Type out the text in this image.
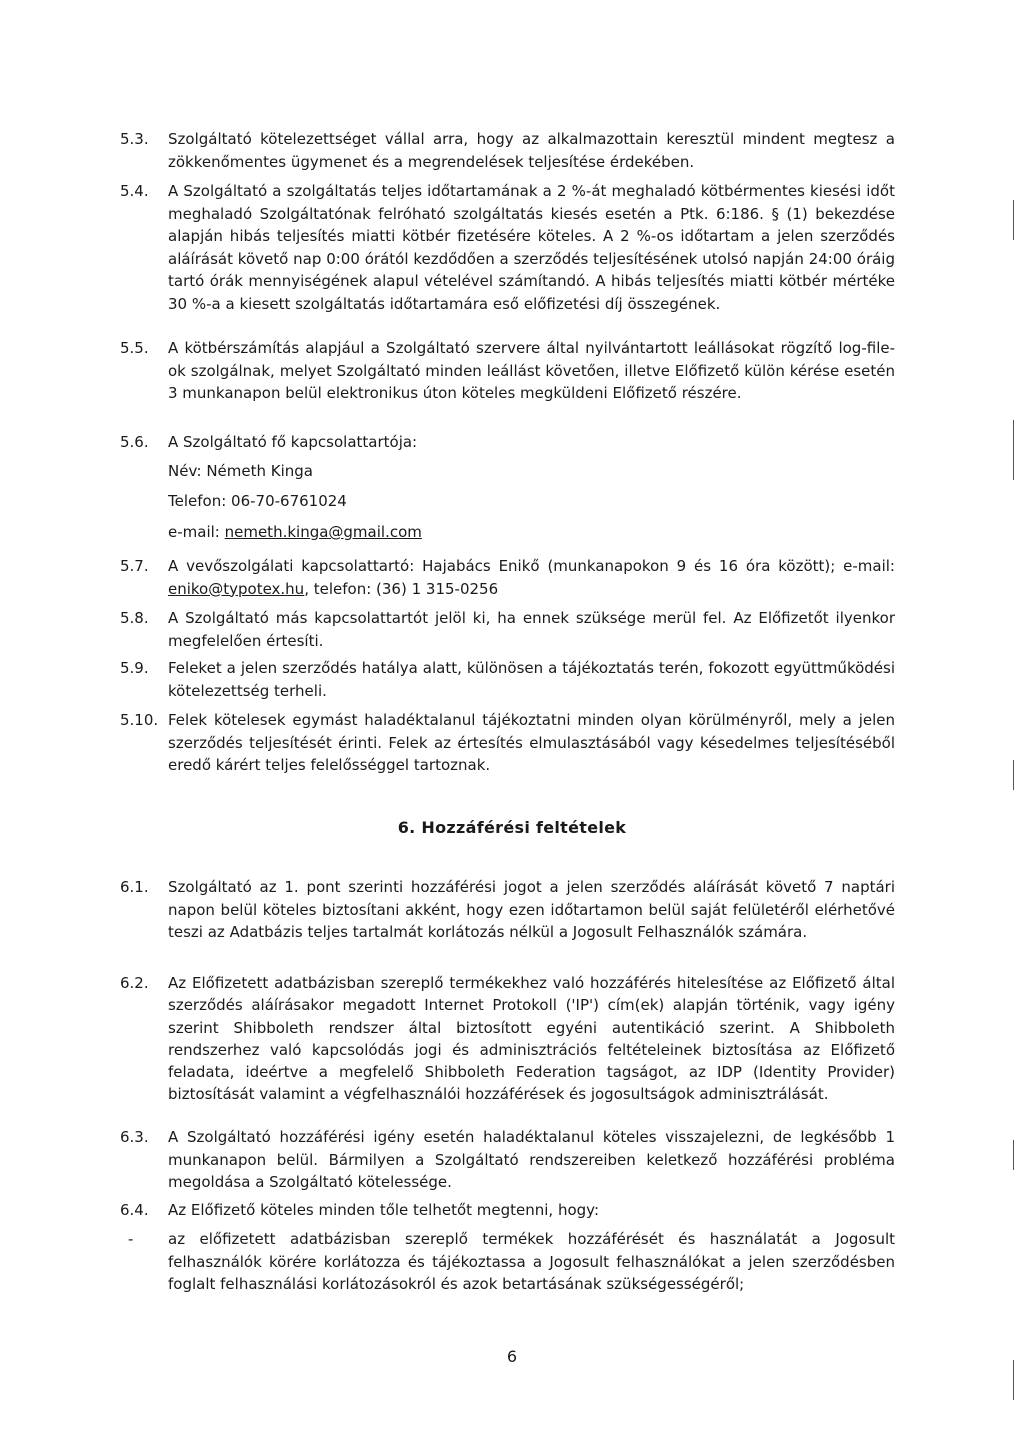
5.3. Szolgáltató kötelezettséget vállal arra, hogy az alkalmazottain keresztül mindent megtesz a zökkenőmentes ügymenet és a megrendelések teljesítése érdekében.
5.4. A Szolgáltató a szolgáltatás teljes időtartamának a 2 %-át meghaladó kötbérmentes kiesési időt meghaladó Szolgáltatónak felróható szolgáltatás kiesés esetén a Ptk. 6:186. § (1) bekezdése alapján hibás teljesítés miatti kötbér fizetésére köteles. A 2 %-os időtartam a jelen szerződés aláírását követő nap 0:00 órától kezdődően a szerződés teljesítésének utolsó napján 24:00 óráig tartó órák mennyiségének alapul vételével számítandó. A hibás teljesítés miatti kötbér mértéke 30 %-a a kiesett szolgáltatás időtartamára eső előfizetési díj összegének.
5.5. A kötbérszámítás alapjául a Szolgáltató szervere által nyilvántartott leállásokat rögzítő log-file-ok szolgálnak, melyet Szolgáltató minden leállást követően, illetve Előfizető külön kérése esetén 3 munkanapon belül elektronikus úton köteles megküldeni Előfizető részére.
5.6. A Szolgáltató fő kapcsolattartója:
Név: Németh Kinga
Telefon: 06-70-6761024
e-mail: nemeth.kinga@gmail.com
5.7. A vevőszolgálati kapcsolattartó: Hajabács Enikő (munkanapokon 9 és 16 óra között); e-mail: eniko@typotex.hu, telefon: (36) 1 315-0256
5.8. A Szolgáltató más kapcsolattartót jelöl ki, ha ennek szüksége merül fel. Az Előfizetőt ilyenkor megfelelően értesíti.
5.9. Feleket a jelen szerződés hatálya alatt, különösen a tájékoztatás terén, fokozott együttműködési kötelezettség terheli.
5.10. Felek kötelesek egymást haladéktalanul tájékoztatni minden olyan körülményről, mely a jelen szerződés teljesítését érinti. Felek az értesítés elmulasztásából vagy késedelmes teljesítéséből eredő kárért teljes felelősséggel tartoznak.
6. Hozzáférési feltételek
6.1. Szolgáltató az 1. pont szerinti hozzáférési jogot a jelen szerződés aláírását követő 7 naptári napon belül köteles biztosítani akként, hogy ezen időtartamon belül saját felületéről elérhetővé teszi az Adatbázis teljes tartalmát korlátozás nélkül a Jogosult Felhasználók számára.
6.2. Az Előfizetett adatbázisban szereplő termékekhez való hozzáférés hitelesítése az Előfizető által szerződés aláírásakor megadott Internet Protokoll ('IP') cím(ek) alapján történik, vagy igény szerint Shibboleth rendszer által biztosított egyéni autentikáció szerint. A Shibboleth rendszerhez való kapcsolódás jogi és adminisztrációs feltételeinek biztosítása az Előfizető feladata, ideértve a megfelelő Shibboleth Federation tagságot, az IDP (Identity Provider) biztosítását valamint a végfelhasználói hozzáférések és jogosultságok adminisztrálását.
6.3. A Szolgáltató hozzáférési igény esetén haladéktalanul köteles visszajelezni, de legkésőbb 1 munkanapon belül. Bármilyen a Szolgáltató rendszereiben keletkező hozzáférési probléma megoldása a Szolgáltató kötelessége.
6.4. Az Előfizető köteles minden tőle telhetőt megtenni, hogy:
- az előfizetett adatbázisban szereplő termékek hozzáférését és használatát a Jogosult felhasználók körére korlátozza és tájékoztassa a Jogosult felhasználókat a jelen szerződésben foglalt felhasználási korlátozásokról és azok betartásának szükségességéről;
6
